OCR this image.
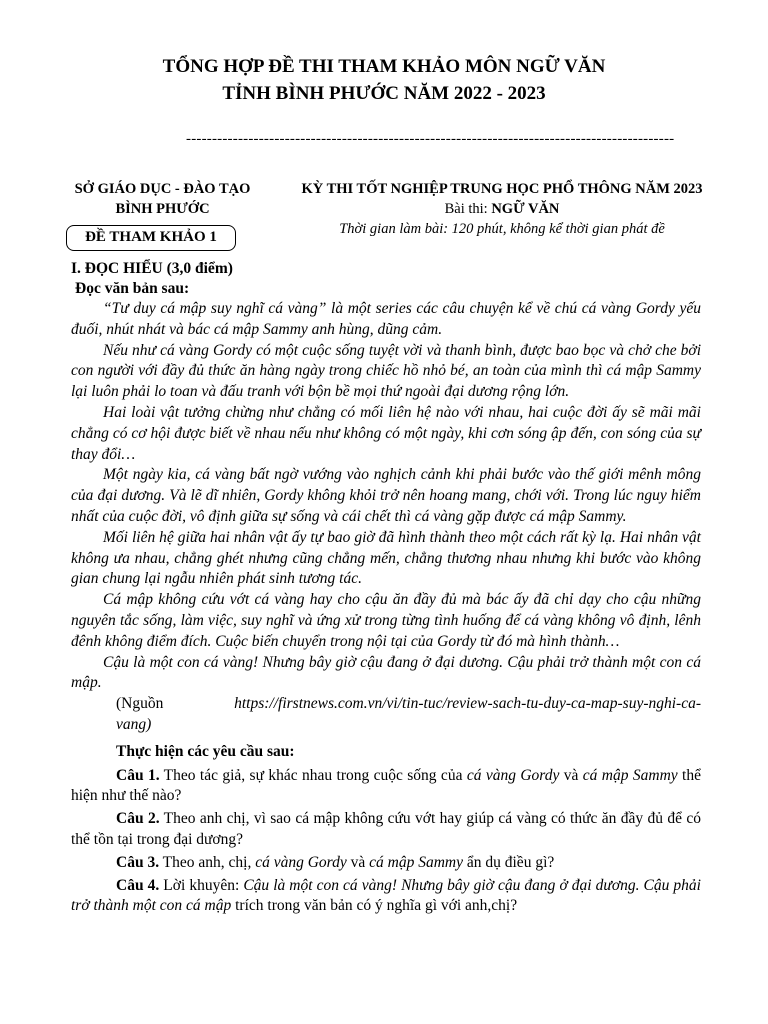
TỔNG HỢP ĐỀ THI THAM KHẢO MÔN NGỮ VĂN
TỈNH BÌNH PHƯỚC NĂM 2022 - 2023
----------------------------------------------------------------------------------------------
SỞ GIÁO DỤC - ĐÀO TẠO
BÌNH PHƯỚC
ĐỀ THAM KHẢO 1
KỲ THI TỐT NGHIỆP TRUNG HỌC PHỔ THÔNG NĂM 2023
Bài thi: NGỮ VĂN
Thời gian làm bài: 120 phút, không kể thời gian phát đề
I. ĐỌC HIỂU (3,0 điểm)
Đọc văn bản sau:

“Tư duy cá mập suy nghĩ cá vàng” là một series các câu chuyện kể về chú cá vàng Gordy yếu đuối, nhút nhát và bác cá mập Sammy anh hùng, dũng cảm.

Nếu như cá vàng Gordy có một cuộc sống tuyệt vời và thanh bình, được bao bọc và chở che bởi con người với đầy đủ thức ăn hàng ngày trong chiếc hồ nhỏ bé, an toàn của mình thì cá mập Sammy lại luôn phải lo toan và đấu tranh với bộn bề mọi thứ ngoài đại dương rộng lớn.

Hai loài vật tưởng chừng như chẳng có mối liên hệ nào với nhau, hai cuộc đời ấy sẽ mãi mãi chẳng có cơ hội được biết về nhau nếu như không có một ngày, khi cơn sóng ập đến, con sóng của sự thay đổi…

Một ngày kia, cá vàng bất ngờ vướng vào nghịch cảnh khi phải bước vào thế giới mênh mông của đại dương. Và lẽ dĩ nhiên, Gordy không khỏi trở nên hoang mang, chới với. Trong lúc nguy hiểm nhất của cuộc đời, vô định giữa sự sống và cái chết thì cá vàng gặp được cá mập Sammy.

Mối liên hệ giữa hai nhân vật ấy tự bao giờ đã hình thành theo một cách rất kỳ lạ. Hai nhân vật không ưa nhau, chẳng ghét nhưng cũng chẳng mến, chẳng thương nhau nhưng khi bước vào không gian chung lại ngẫu nhiên phát sinh tương tác.

Cá mập không cứu vớt cá vàng hay cho cậu ăn đầy đủ mà bác ấy đã chỉ dạy cho cậu những nguyên tắc sống, làm việc, suy nghĩ và ứng xử trong từng tình huống để cá vàng không vô định, lênh đênh không điểm đích. Cuộc biến chuyển trong nội tại của Gordy từ đó mà hình thành…

Cậu là một con cá vàng! Nhưng bây giờ cậu đang ở đại dương. Cậu phải trở thành một con cá mập.

(Nguồn	https://firstnews.com.vn/vi/tin-tuc/review-sach-tu-duy-ca-map-suy-nghi-ca-vang)

Thực hiện các yêu cầu sau:

Câu 1. Theo tác giả, sự khác nhau trong cuộc sống của cá vàng Gordy và cá mập Sammy thể hiện như thế nào?

Câu 2. Theo anh chị, vì sao cá mập không cứu vớt hay giúp cá vàng có thức ăn đầy đủ để có thể tồn tại trong đại dương?

Câu 3. Theo anh, chị, cá vàng Gordy và cá mập Sammy ẩn dụ điều gì?

Câu 4. Lời khuyên: Cậu là một con cá vàng! Nhưng bây giờ cậu đang ở đại dương. Cậu phải trở thành một con cá mập trích trong văn bản có ý nghĩa gì với anh,chị?
